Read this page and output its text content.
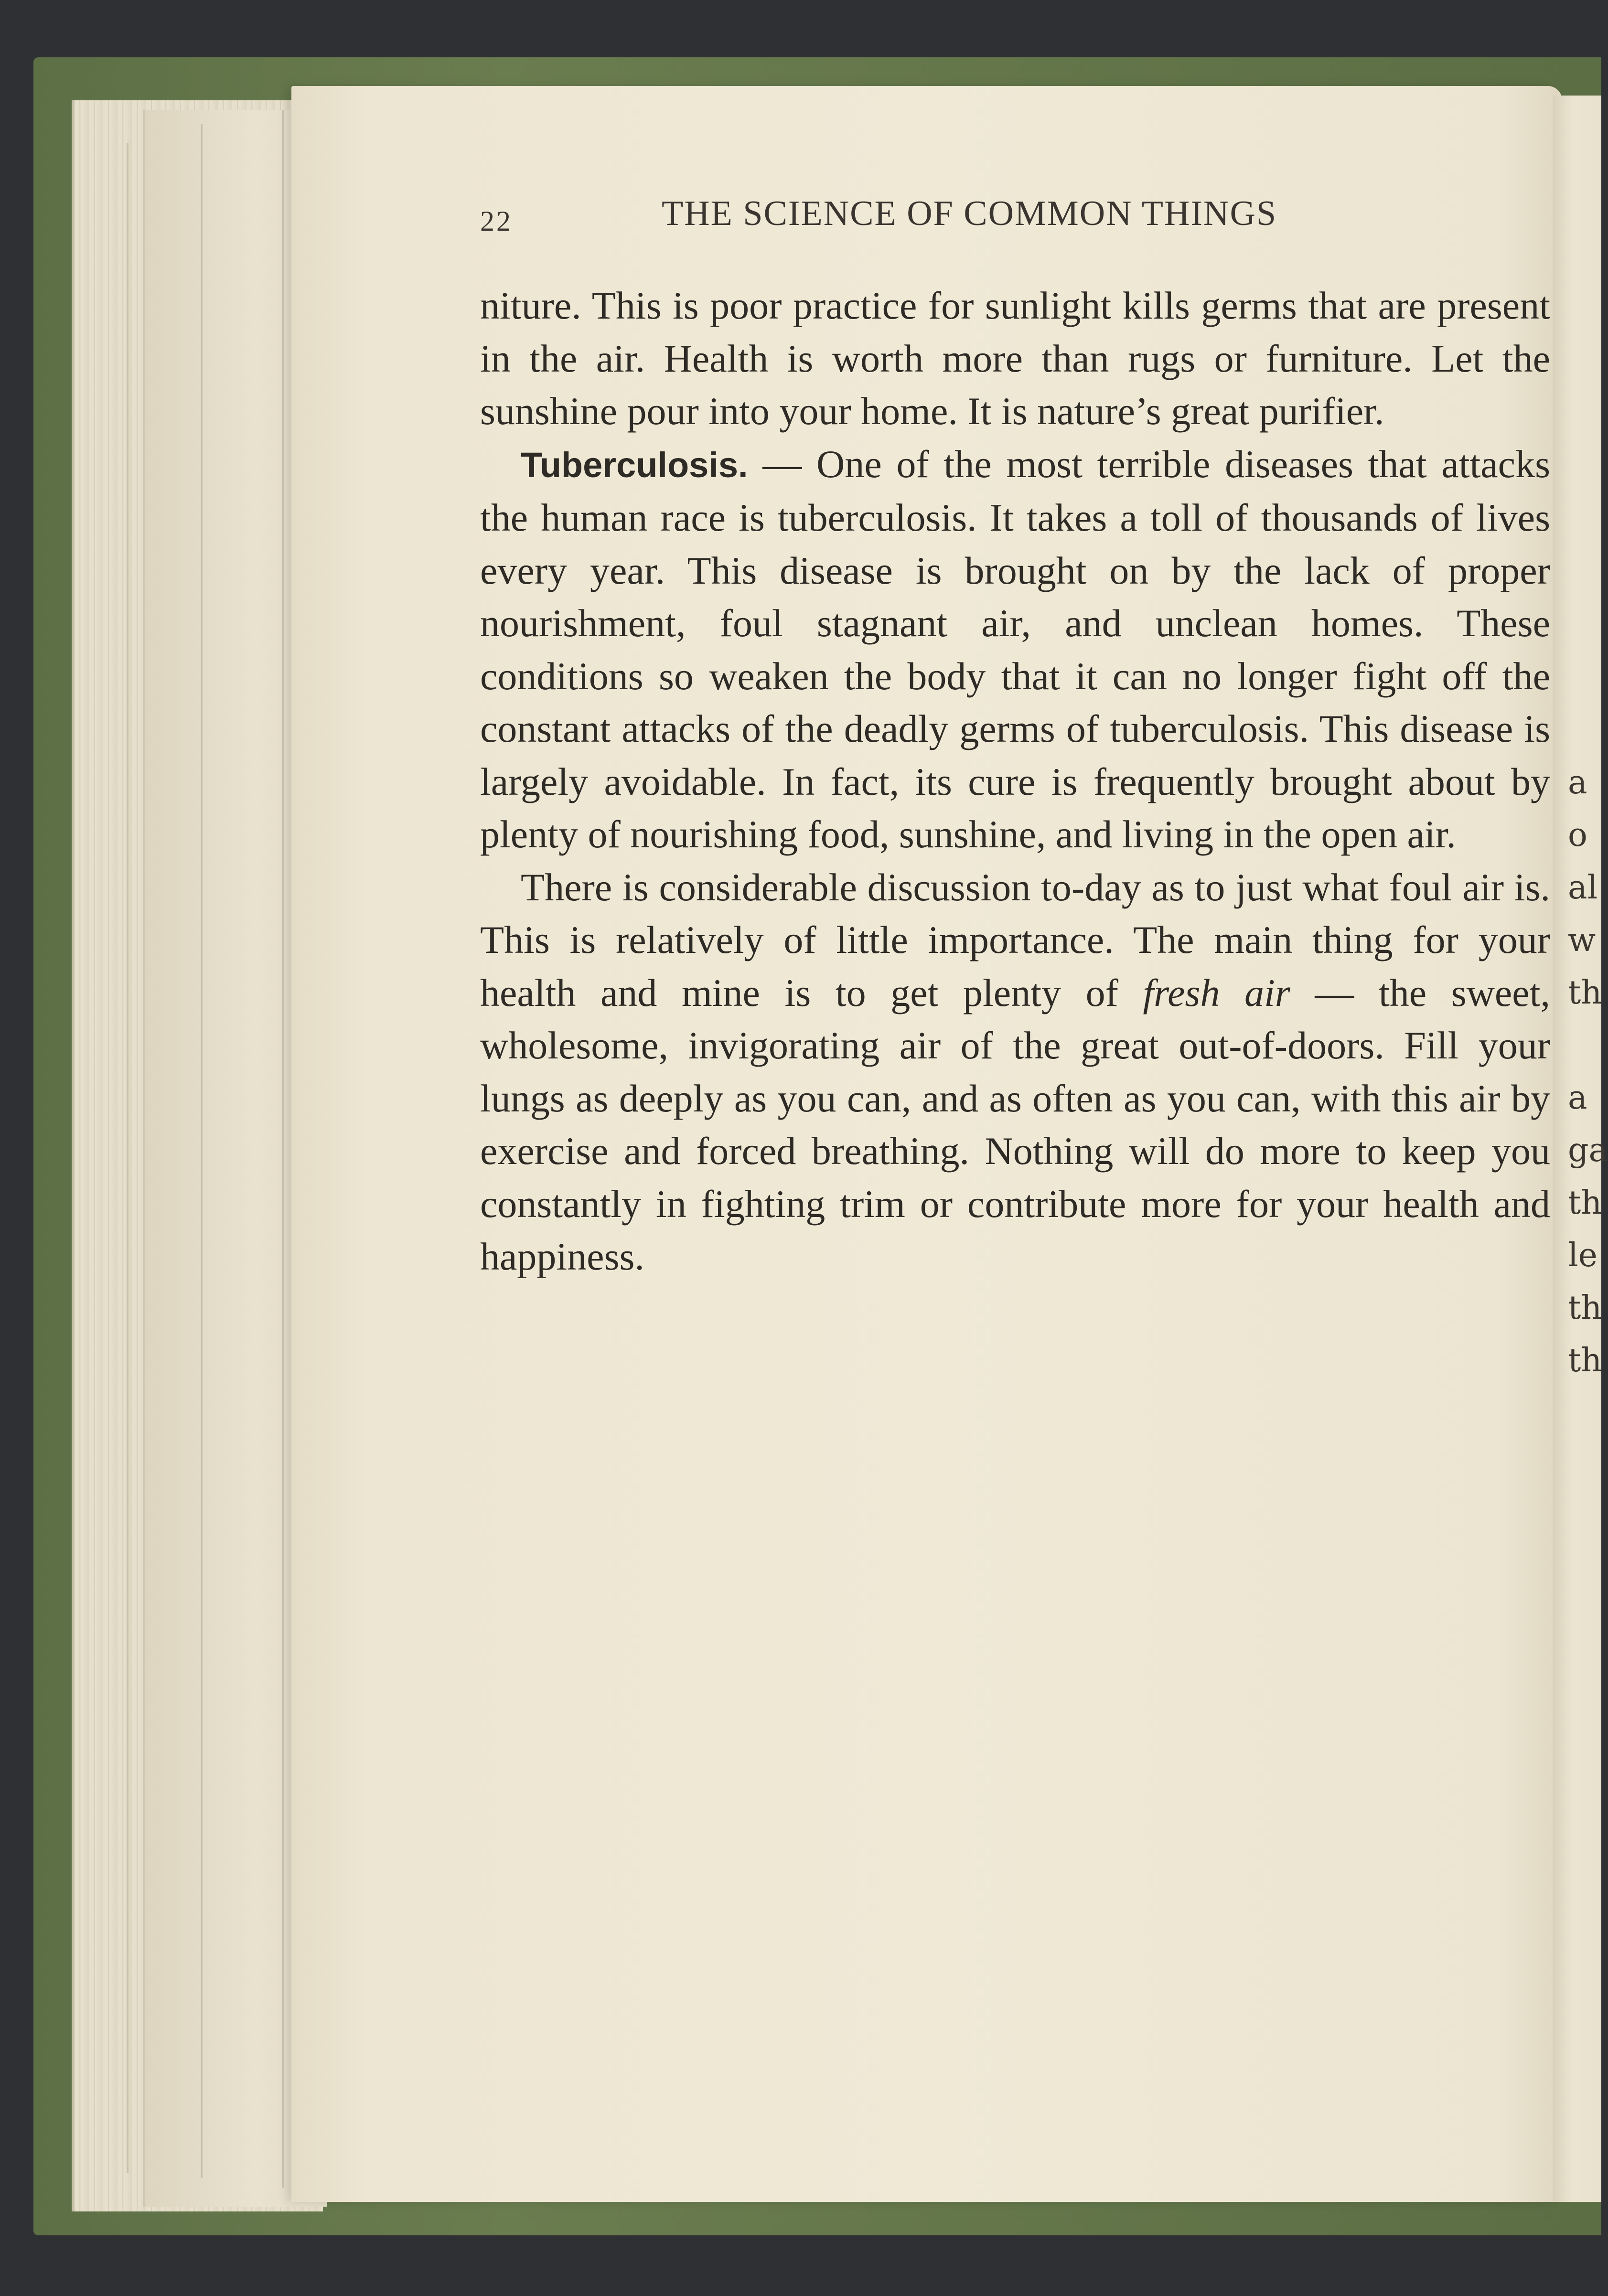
22	THE SCIENCE OF COMMON THINGS

niture. This is poor practice for sunlight kills germs that are present in the air. Health is worth more than rugs or furniture. Let the sunshine pour into your home. It is nature’s great purifier.

Tuberculosis. — One of the most terrible diseases that attacks the human race is tuberculosis. It takes a toll of thousands of lives every year. This disease is brought on by the lack of proper nourishment, foul stagnant air, and unclean homes. These conditions so weaken the body that it can no longer fight off the constant attacks of the deadly germs of tuberculosis. This disease is largely avoidable. In fact, its cure is frequently brought about by plenty of nourishing food, sunshine, and living in the open air.

There is considerable discussion to-day as to just what foul air is. This is relatively of little importance. The main thing for your health and mine is to get plenty of fresh air — the sweet, wholesome, invigorating air of the great out-of-doors. Fill your lungs as deeply as you can, and as often as you can, with this air by exercise and forced breathing. Nothing will do more to keep you constantly in fighting trim or contribute more for your health and happiness.

a
o
al
w
th
a
ga
th
le
th
th
